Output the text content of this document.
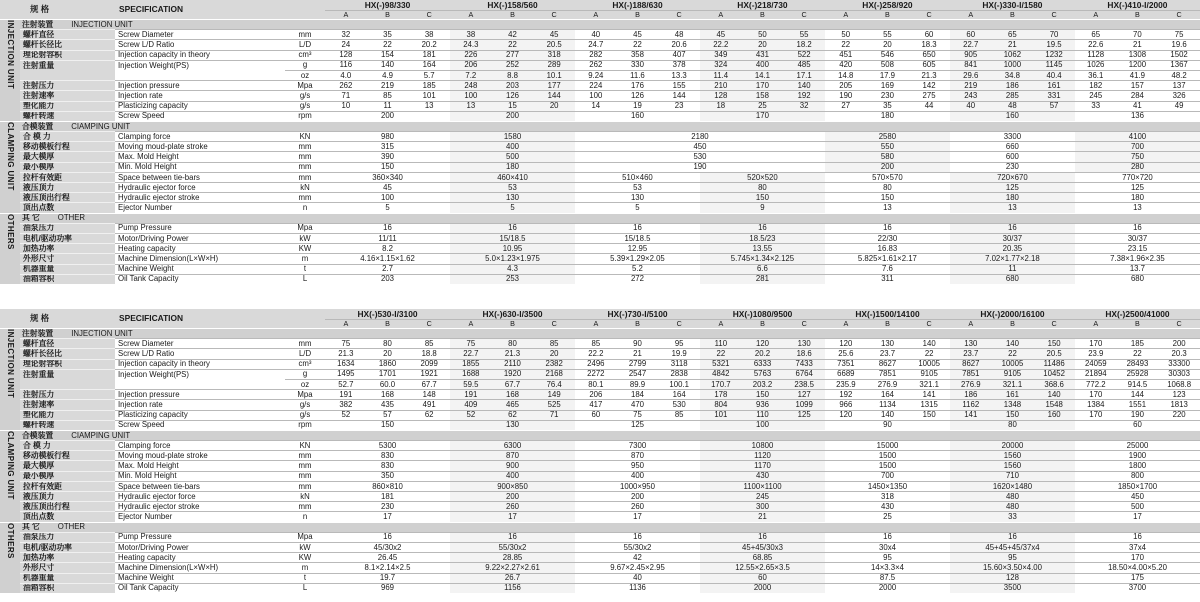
规 格		SPECIFICATION		HX(-)98/330			HX(-)158/560			HX(-)188/630			HX(-)218/730			HX(-)258/920			HX(-)330-I/1580			HX(-)410-I/2000		
				A	B	C	A	B	C	A	B	C	A	B	C	A	B	C	A	B	C	A	B	C
INJECTION UNIT	注射装置 INJECTION UNIT																							
	螺杆直径	Screw Diameter	mm	32	35	38	38	42	45	40	45	48	45	50	55	50	55	60	60	65	70	65	70	75
	螺杆长径比	Screw L/D Ratio	L/D	24	22	20.2	24.3	22	20.5	24.7	22	20.6	22.2	20	18.2	22	20	18.3	22.7	21	19.5	22.6	21	19.6
	理论射容积	Injection capacity in theory	cm³	128	154	181	226	277	318	282	358	407	349	431	522	451	546	650	905	1062	1232	1128	1308	1502
	注射重量	Injection Weight(PS)	g	116	140	164	206	252	289	262	330	378	324	400	485	420	508	605	841	1000	1145	1026	1200	1367
			oz	4.0	4.9	5.7	7.2	8.8	10.1	9.24	11.6	13.3	11.4	14.1	17.1	14.8	17.9	21.3	29.6	34.8	40.4	36.1	41.9	48.2
	注射压力	Injection pressure	Mpa	262	219	185	248	203	177	224	176	155	210	170	140	205	169	142	219	186	161	182	157	137
	注射速率	Injection rate	g/s	71	85	101	100	126	144	100	126	144	128	158	192	190	230	275	243	285	331	245	284	326
	塑化能力	Plasticizing capacity	g/s	10	11	13	13	15	20	14	19	23	18	25	32	27	35	44	40	48	57	33	41	49
	螺杆转速	Screw Speed	rpm	200			200			160			170			180			160			136		
CLAMPING UNIT	合模装置 CIAMPING UNIT																							
	合 模 力	Clamping force	KN	980			1580			2180						2580			3300			4100		
	移动模板行程	Moving moud-plate stroke	mm	315			400			450						550			660			700		
	最大模厚	Max. Mold Height	mm	390			500			530						580			600			750		
	最小模厚	Min. Mold Height	mm	150			180			190						200			230			280		
	拉杆有效距	Space between tie-bars	mm	360×340			460×410			510×460			520×520			570×570			720×670			770×720		
	液压顶力	Hydraulic ejector force	kN	45			53			53			80			80			125			125		
	液压顶出行程	Hydraulic ejector stroke	mm	100			130			130			150			150			180			180		
	顶出点数	Ejector Number	n	5			5			5			9			13			13			13		
OTHERS	其 它 OTHER																							
	油泵压力	Pump Pressure	Mpa	16			16			16			16			16			16			16		
	电机/驱动功率	Motor/Driving Power	kW	11/11			15/18.5			15/18.5			18.5/23			22/30			30/37			30/37		
	加热功率	Heating capacity	KW	8.2			10.95			12.95			13.55			16.83			20.35			23.15		
	外形尺寸	Machine Dimension(L×W×H)	m	4.16×1.15×1.62			5.0×1.23×1.975			5.39×1.29×2.05			5.745×1.34×2.125			5.825×1.61×2.17			7.02×1.77×2.18			7.38×1.96×2.35		
	机器重量	Machine Weight	t	2.7			4.3			5.2			6.6			7.6			11			13.7		
	油箱容积	Oil Tank Capacity	L	203			253			272			281			311			680			680		
规 格		SPECIFICATION		HX(-)530-I/3100			HX(-)630-I/3500			HX(-)730-I/5100			HX(-)1080/9500			HX(-)1500/14100			HX(-)2000/16100			HX(-)2500/41000		
				A	B	C	A	B	C	A	B	C	A	B	C	A	B	C	A	B	C	A	B	C
INJECTION UNIT	注射装置 INJECTION UNIT																							
	螺杆直径	Screw Diameter	mm	75	80	85	75	80	85	85	90	95	110	120	130	120	130	140	130	140	150	170	185	200
	螺杆长径比	Screw L/D Ratio	L/D	21.3	20	18.8	22.7	21.3	20	22.2	21	19.9	22	20.2	18.6	25.6	23.7	22	23.7	22	20.5	23.9	22	20.3
	理论射容积	Injection capacity in theory	cm³	1634	1860	2099	1855	2110	2382	2496	2799	3118	5321	6333	7433	7351	8627	10005	8627	10005	11486	24059	28493	33300
	注射重量	Injection Weight(PS)	g	1495	1701	1921	1688	1920	2168	2272	2547	2838	4842	5763	6764	6689	7851	9105	7851	9105	10452	21894	25928	30303
			oz	52.7	60.0	67.7	59.5	67.7	76.4	80.1	89.9	100.1	170.7	203.2	238.5	235.9	276.9	321.1	276.9	321.1	368.6	772.2	914.5	1068.8
	注射压力	Injection pressure	Mpa	191	168	148	191	168	149	206	184	164	178	150	127	192	164	141	186	161	140	170	144	123
	注射速率	Injection rate	g/s	382	435	491	409	465	525	417	470	530	804	936	1099	966	1134	1315	1162	1348	1548	1384	1551	1813
	塑化能力	Plasticizing capacity	g/s	52	57	62	52	62	71	60	75	85	101	110	125	120	140	150	141	150	160	170	190	220
	螺杆转速	Screw Speed	rpm	150			130			125			100			90			80			60		
CLAMPING UNIT	合模装置 CIAMPING UNIT																							
	合 模 力	Clamping force	KN	5300			6300			7300			10800			15000			20000			25000		
	移动模板行程	Moving moud-plate stroke	mm	830			870			870			1120			1500			1560			1900		
	最大模厚	Max. Mold Height	mm	830			900			950			1170			1500			1560			1800		
	最小模厚	Min. Mold Height	mm	350			400			400			430			700			710			800		
	拉杆有效距	Space between tie-bars	mm	860×810			900×850			1000×950			1100×1100			1450×1350			1620×1480			1850×1700		
	液压顶力	Hydraulic ejector force	kN	181			200			200			245			318			480			450		
	液压顶出行程	Hydraulic ejector stroke	mm	230			260			260			300			430			480			500		
	顶出点数	Ejector Number	n	17			17			17			21			25			33			17		
OTHERS	其 它 OTHER																							
	油泵压力	Pump Pressure	Mpa	16			16			16			16			16			16			16		
	电机/驱动功率	Motor/Driving Power	kW	45/30x2			55/30x2			55/30x2			45+45/30x3			30x4			45+45+45/37x4			37x4		
	加热功率	Heating capacity	KW	26.45			28.85			42			68.85			95			95			170		
	外形尺寸	Machine Dimension(L×W×H)	m	8.1×2.14×2.5			9.22×2.27×2.61			9.67×2.45×2.95			12.55×2.65×3.5			14×3.3×4			15.60×3.50×4.00			18.50×4.00×5.20		
	机器重量	Machine Weight	t	19.7			26.7			40			60			87.5			128			175		
	油箱容积	Oil Tank Capacity	L	969			1156			1136			2000			2000			3500			3700		
